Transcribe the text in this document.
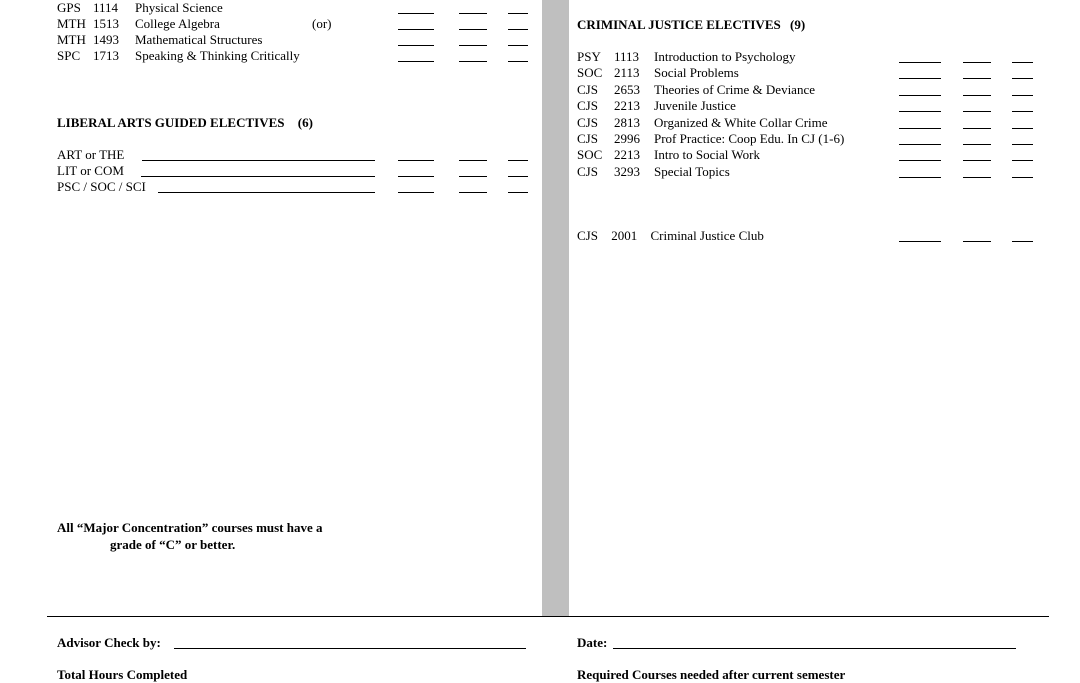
GPS 1114 Physical Science
MTH 1513 College Algebra	(or)
MTH 1493 Mathematical Structures
SPC 1713 Speaking & Thinking Critically
LIBERAL ARTS GUIDED ELECTIVES (6)
ART or THE
LIT or COM
PSC / SOC / SCI
All “Major Concentration” courses must have a
grade of “C” or better.
CRIMINAL JUSTICE ELECTIVES (9)
PSY 1113 Introduction to Psychology
SOC 2113 Social Problems
CJS 2653 Theories of Crime & Deviance
CJS 2213 Juvenile Justice
CJS 2813 Organized & White Collar Crime
CJS 2996 Prof Practice: Coop Edu. In CJ (1-6)
SOC 2213 Intro to Social Work
CJS 3293 Special Topics
CJS 2001 Criminal Justice Club
Advisor Check by:	Date:
Total Hours Completed	Required Courses needed after current semester
